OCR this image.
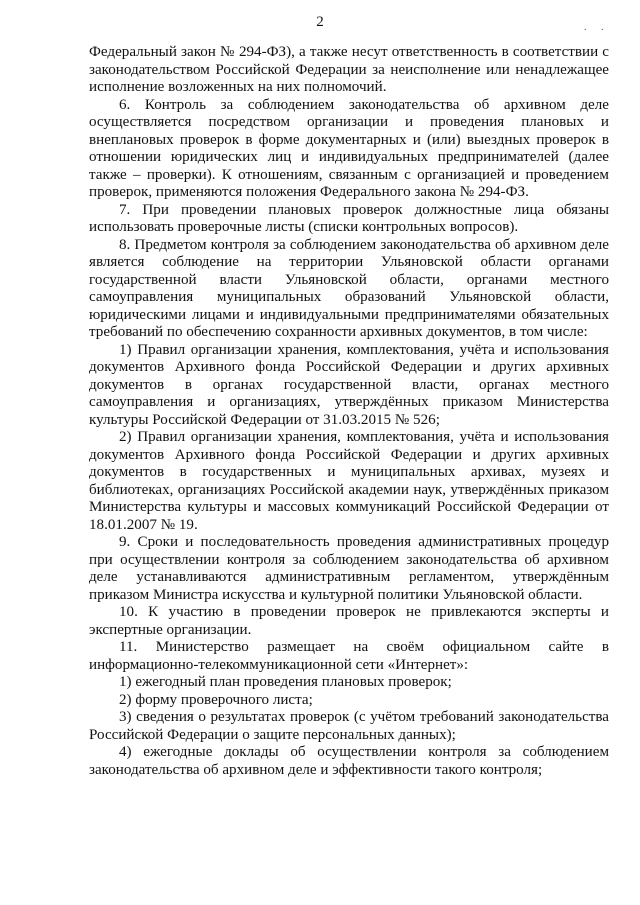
2	. .

Федеральный закон № 294-ФЗ), а также несут ответственность в соответствии с законодательством Российской Федерации за неисполнение или ненадлежащее исполнение возложенных на них полномочий.

6. Контроль за соблюдением законодательства об архивном деле осуществляется посредством организации и проведения плановых и внеплановых проверок в форме документарных и (или) выездных проверок в отношении юридических лиц и индивидуальных предпринимателей (далее также – проверки). К отношениям, связанным с организацией и проведением проверок, применяются положения Федерального закона № 294-ФЗ.

7. При проведении плановых проверок должностные лица обязаны использовать проверочные листы (списки контрольных вопросов).

8. Предметом контроля за соблюдением законодательства об архивном деле является соблюдение на территории Ульяновской области органами государственной власти Ульяновской области, органами местного самоуправления муниципальных образований Ульяновской области, юридическими лицами и индивидуальными предпринимателями обязательных требований по обеспечению сохранности архивных документов, в том числе:

1) Правил организации хранения, комплектования, учёта и использования документов Архивного фонда Российской Федерации и других архивных документов в органах государственной власти, органах местного самоуправления и организациях, утверждённых приказом Министерства культуры Российской Федерации от 31.03.2015 № 526;

2) Правил организации хранения, комплектования, учёта и использования документов Архивного фонда Российской Федерации и других архивных документов в государственных и муниципальных архивах, музеях и библиотеках, организациях Российской академии наук, утверждённых приказом Министерства культуры и массовых коммуникаций Российской Федерации от 18.01.2007 № 19.

9. Сроки и последовательность проведения административных процедур при осуществлении контроля за соблюдением законодательства об архивном деле устанавливаются административным регламентом, утверждённым приказом Министра искусства и культурной политики Ульяновской области.

10. К участию в проведении проверок не привлекаются эксперты и экспертные организации.

11. Министерство размещает на своём официальном сайте в информационно-телекоммуникационной сети «Интернет»:

1) ежегодный план проведения плановых проверок;

2) форму проверочного листа;

3) сведения о результатах проверок (с учётом требований законодательства Российской Федерации о защите персональных данных);

4) ежегодные доклады об осуществлении контроля за соблюдением законодательства об архивном деле и эффективности такого контроля;
